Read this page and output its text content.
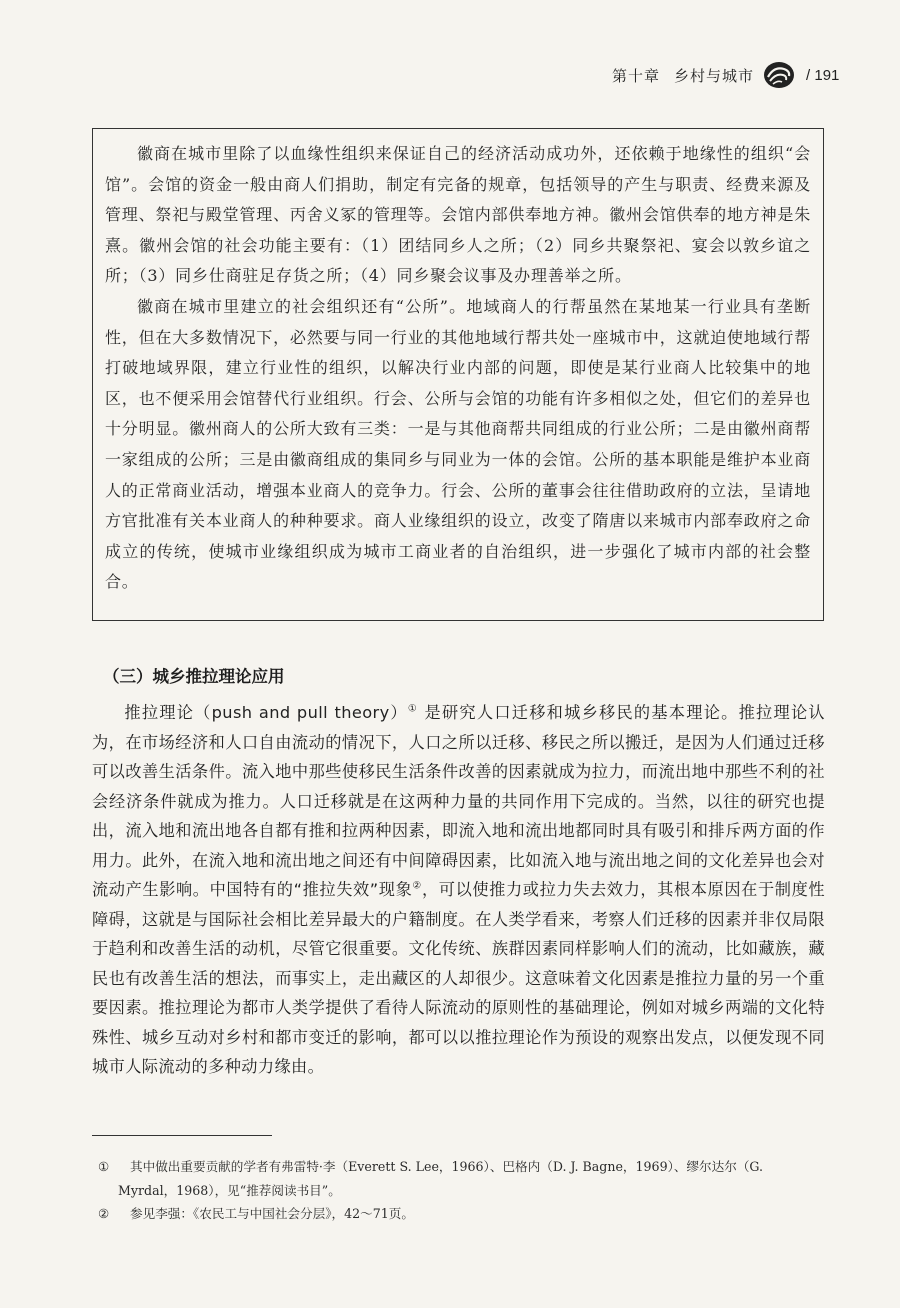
第十章 乡村与城市	/ 191

徽商在城市里除了以血缘性组织来保证自己的经济活动成功外，还依赖于地缘性的组织“会馆”。会馆的资金一般由商人们捐助，制定有完备的规章，包括领导的产生与职责、经费来源及管理、祭祀与殿堂管理、丙舍义冢的管理等。会馆内部供奉地方神。徽州会馆供奉的地方神是朱熹。徽州会馆的社会功能主要有：（1）团结同乡人之所；（2）同乡共聚祭祀、宴会以敦乡谊之所；（3）同乡仕商驻足存货之所；（4）同乡聚会议事及办理善举之所。

徽商在城市里建立的社会组织还有“公所”。地域商人的行帮虽然在某地某一行业具有垄断性，但在大多数情况下，必然要与同一行业的其他地域行帮共处一座城市中，这就迫使地域行帮打破地域界限，建立行业性的组织，以解决行业内部的问题，即使是某行业商人比较集中的地区，也不便采用会馆替代行业组织。行会、公所与会馆的功能有许多相似之处，但它们的差异也十分明显。徽州商人的公所大致有三类：一是与其他商帮共同组成的行业公所；二是由徽州商帮一家组成的公所；三是由徽商组成的集同乡与同业为一体的会馆。公所的基本职能是维护本业商人的正常商业活动，增强本业商人的竞争力。行会、公所的董事会往往借助政府的立法，呈请地方官批准有关本业商人的种种要求。商人业缘组织的设立，改变了隋唐以来城市内部奉政府之命成立的传统，使城市业缘组织成为城市工商业者的自治组织，进一步强化了城市内部的社会整合。

（三）城乡推拉理论应用

推拉理论（push and pull theory）① 是研究人口迁移和城乡移民的基本理论。推拉理论认为，在市场经济和人口自由流动的情况下，人口之所以迁移、移民之所以搬迁，是因为人们通过迁移可以改善生活条件。流入地中那些使移民生活条件改善的因素就成为拉力，而流出地中那些不利的社会经济条件就成为推力。人口迁移就是在这两种力量的共同作用下完成的。当然，以往的研究也提出，流入地和流出地各自都有推和拉两种因素，即流入地和流出地都同时具有吸引和排斥两方面的作用力。此外，在流入地和流出地之间还有中间障碍因素，比如流入地与流出地之间的文化差异也会对流动产生影响。中国特有的“推拉失效”现象②，可以使推力或拉力失去效力，其根本原因在于制度性障碍，这就是与国际社会相比差异最大的户籍制度。在人类学看来，考察人们迁移的因素并非仅局限于趋利和改善生活的动机，尽管它很重要。文化传统、族群因素同样影响人们的流动，比如藏族，藏民也有改善生活的想法，而事实上，走出藏区的人却很少。这意味着文化因素是推拉力量的另一个重要因素。推拉理论为都市人类学提供了看待人际流动的原则性的基础理论，例如对城乡两端的文化特殊性、城乡互动对乡村和都市变迁的影响，都可以以推拉理论作为预设的观察出发点，以便发现不同城市人际流动的多种动力缘由。

① 其中做出重要贡献的学者有弗雷特·李（Everett S. Lee，1966）、巴格内（D. J. Bagne，1969）、缪尔达尔（G. Myrdal，1968），见“推荐阅读书目”。

② 参见李强：《农民工与中国社会分层》，42～71页。
